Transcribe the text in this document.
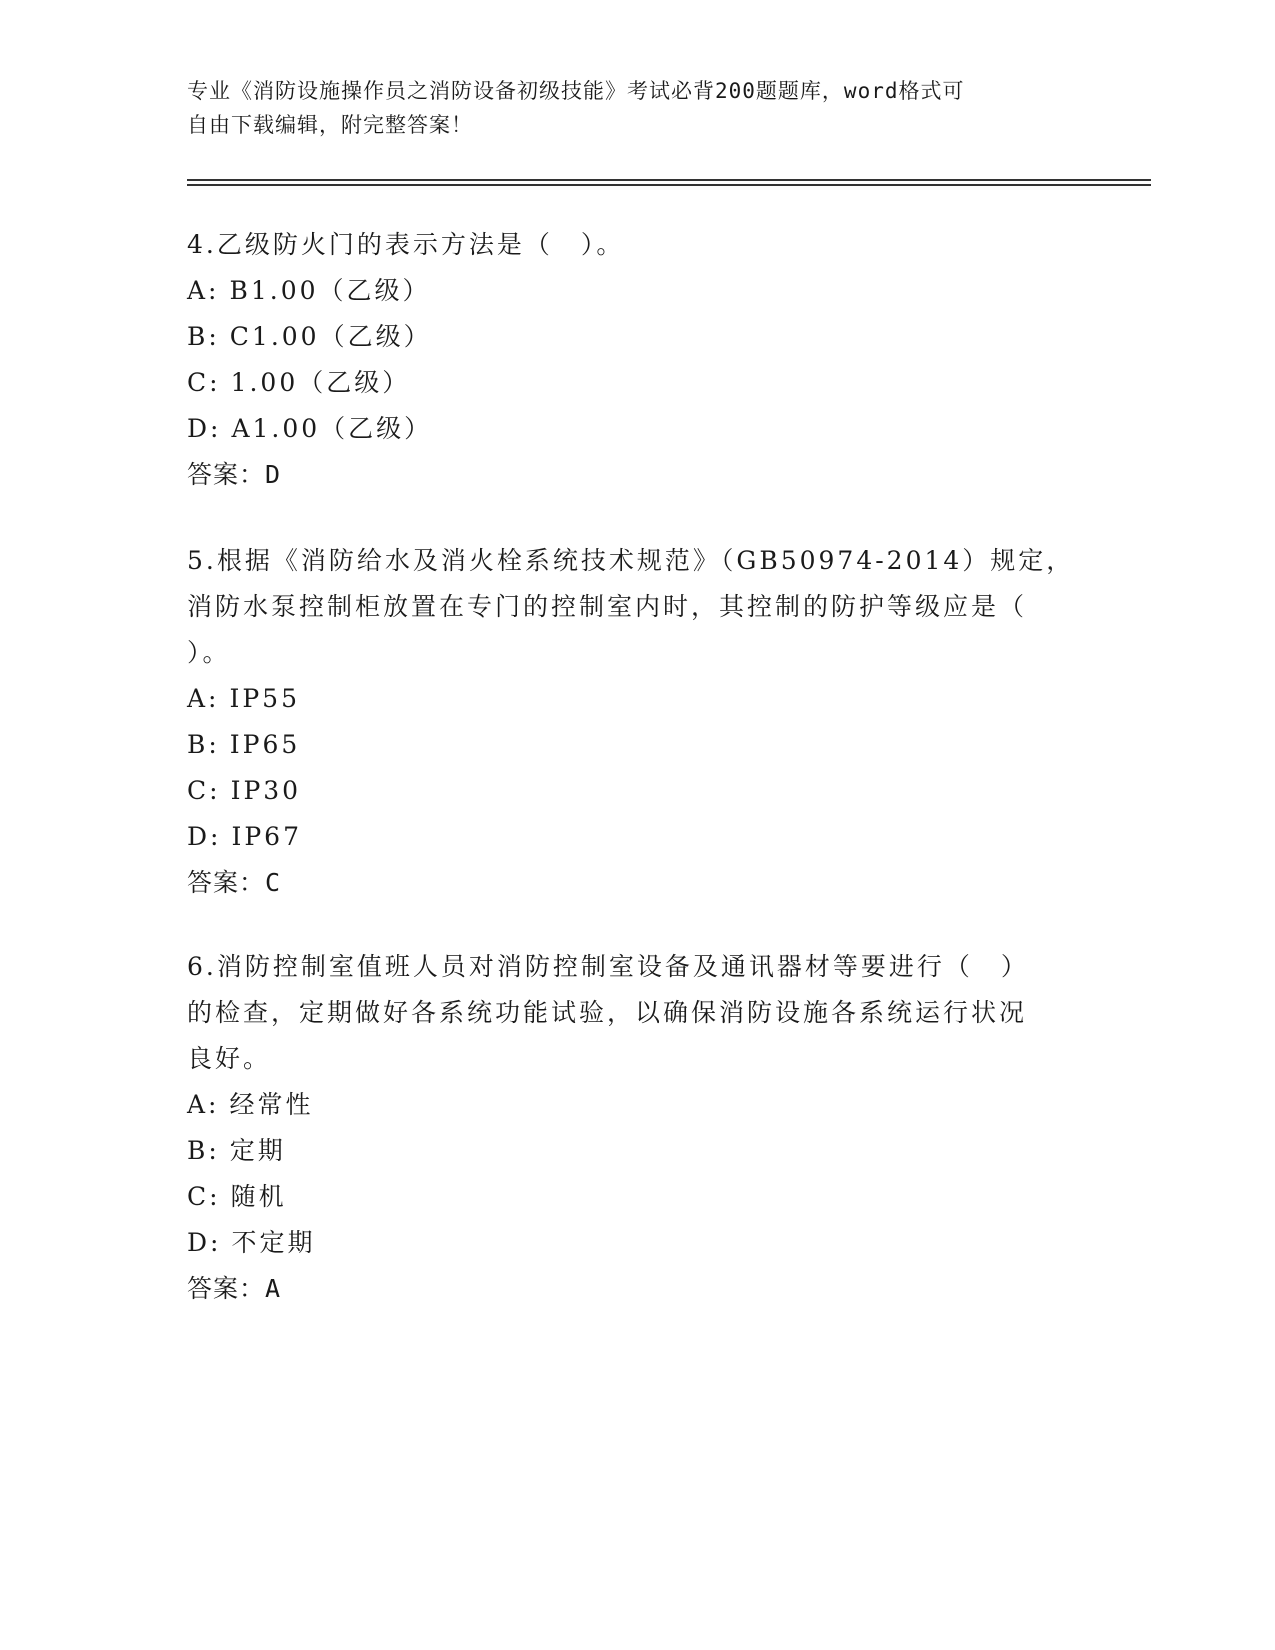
专业《消防设施操作员之消防设备初级技能》考试必背200题题库，word格式可
自由下载编辑，附完整答案！
4.乙级防火门的表示方法是（　）。
A: B1.00（乙级）
B: C1.00（乙级）
C: 1.00（乙级）
D: A1.00（乙级）
答案：D
5.根据《消防给水及消火栓系统技术规范》（GB50974-2014）规定，
消防水泵控制柜放置在专门的控制室内时，其控制的防护等级应是（
）。
A: IP55
B: IP65
C: IP30
D: IP67
答案：C
6.消防控制室值班人员对消防控制室设备及通讯器材等要进行（　）
的检查，定期做好各系统功能试验，以确保消防设施各系统运行状况
良好。
A: 经常性
B: 定期
C: 随机
D: 不定期
答案：A
